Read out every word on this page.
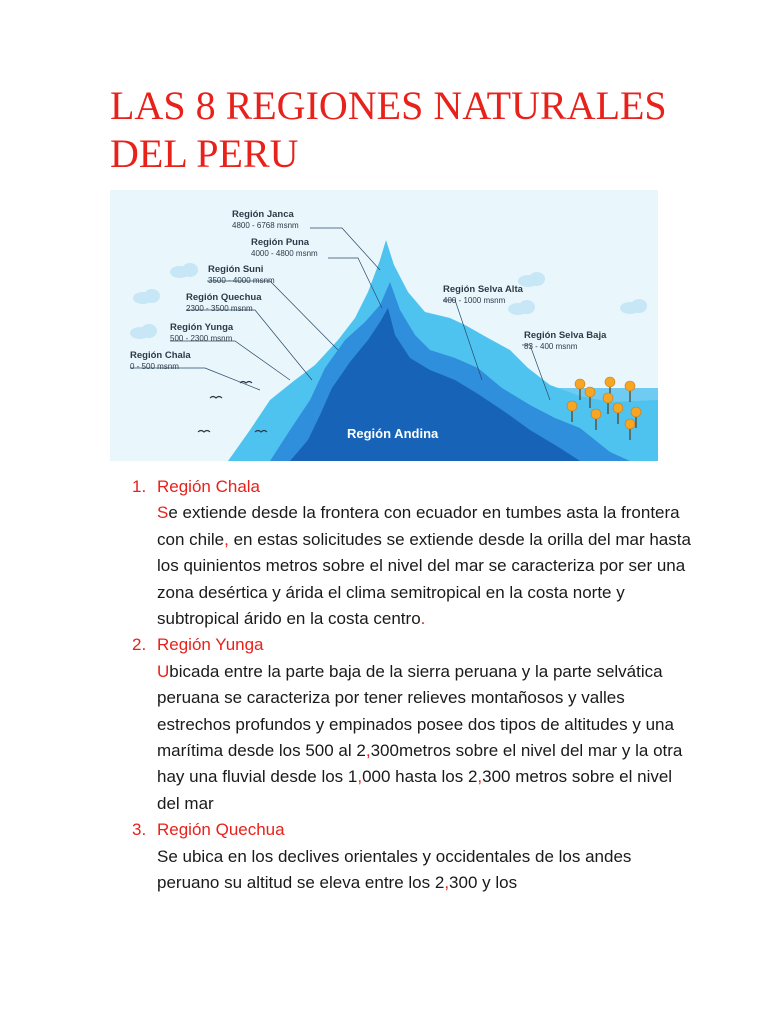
LAS 8 REGIONES NATURALES DEL PERU
Región Janca
4800 - 6768 msnm
Región Puna
4000 - 4800 msnm
Región Suni
3500 - 4000 msnm
Región Quechua
2300 - 3500 msnm
Región Yunga
500 - 2300 msnm
Región Chala
0 - 500 msnm
Región Selva Alta
400 - 1000 msnm
Región Selva Baja
83 - 400 msnm
Región Andina
1. Región Chala
Se extiende desde la frontera con ecuador en tumbes asta la frontera con chile, en estas solicitudes se extiende desde la orilla del mar hasta los quinientos metros sobre el nivel del mar se caracteriza por ser una zona desértica y árida el clima semitropical en la costa norte y subtropical árido en la costa centro.
2. Región Yunga
Ubicada entre la parte baja de la sierra peruana y la parte selvática peruana se caracteriza por tener relieves montañosos y valles estrechos profundos y empinados posee dos tipos de altitudes y una marítima desde los 500 al 2,300metros sobre el nivel del mar y la otra hay una fluvial desde los 1,000 hasta los 2,300 metros sobre el nivel del mar
3. Región Quechua
Se ubica en los declives orientales y occidentales de los andes peruano su altitud se eleva entre los 2,300 y los
